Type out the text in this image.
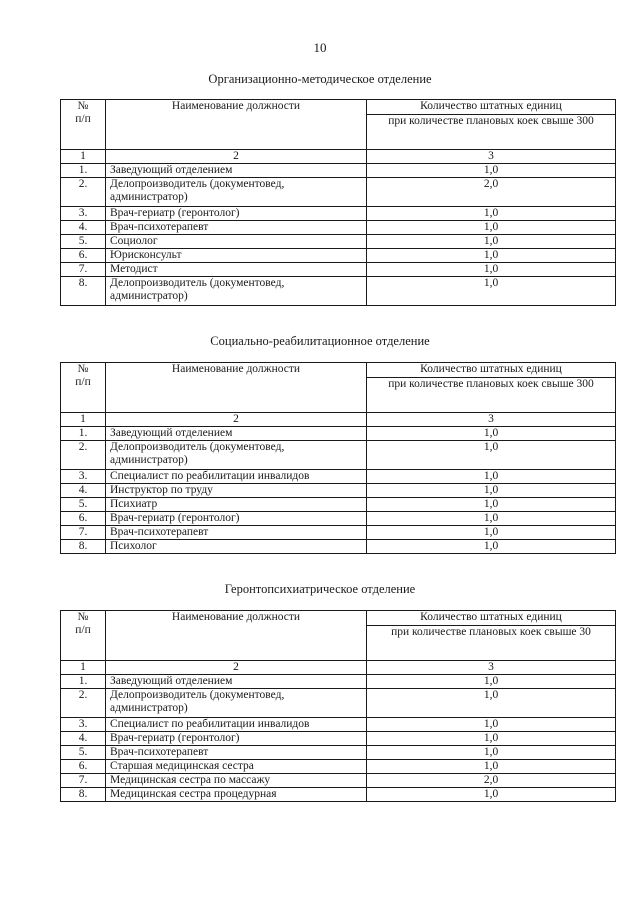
10
Организационно-методическое отделение
№
п/п	Наименование должности	Количество штатных единиц
		при количестве плановых коек свыше 300
1	2	3
1.	Заведующий отделением	1,0
2.	Делопроизводитель (документовед, администратор)	2,0
3.	Врач-гериатр (геронтолог)	1,0
4.	Врач-психотерапевт	1,0
5.	Социолог	1,0
6.	Юрисконсульт	1,0
7.	Методист	1,0
8.	Делопроизводитель (документовед, администратор)	1,0
Социально-реабилитационное отделение
№
п/п	Наименование должности	Количество штатных единиц
		при количестве плановых коек свыше 300
1	2	3
1.	Заведующий отделением	1,0
2.	Делопроизводитель (документовед, администратор)	1,0
3.	Специалист по реабилитации инвалидов	1,0
4.	Инструктор по труду	1,0
5.	Психиатр	1,0
6.	Врач-гериатр (геронтолог)	1,0
7.	Врач-психотерапевт	1,0
8.	Психолог	1,0
Геронтопсихиатрическое отделение
№
п/п	Наименование должности	Количество штатных единиц
		при количестве плановых коек свыше 30
1	2	3
1.	Заведующий отделением	1,0
2.	Делопроизводитель (документовед, администратор)	1,0
3.	Специалист по реабилитации инвалидов	1,0
4.	Врач-гериатр (геронтолог)	1,0
5.	Врач-психотерапевт	1,0
6.	Старшая медицинская сестра	1,0
7.	Медицинская сестра по массажу	2,0
8.	Медицинская сестра процедурная	1,0
